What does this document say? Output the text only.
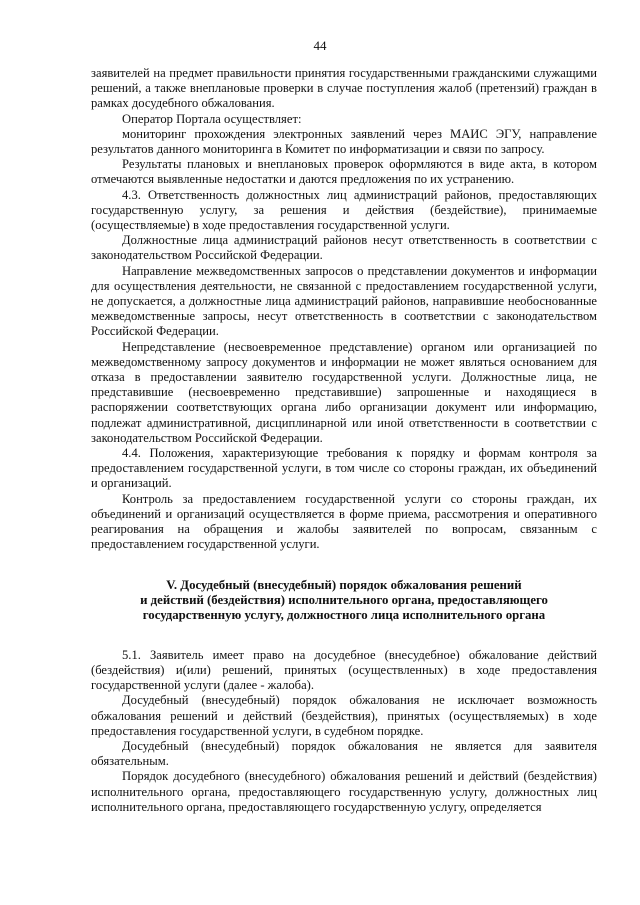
44

заявителей на предмет правильности принятия государственными гражданскими служащими решений, а также внеплановые проверки в случае поступления жалоб (претензий) граждан в рамках досудебного обжалования.

Оператор Портала осуществляет:

мониторинг прохождения электронных заявлений через МАИС ЭГУ, направление результатов данного мониторинга в Комитет по информатизации и связи по запросу.

Результаты плановых и внеплановых проверок оформляются в виде акта, в котором отмечаются выявленные недостатки и даются предложения по их устранению.

4.3. Ответственность должностных лиц администраций районов, предоставляющих государственную услугу, за решения и действия (бездействие), принимаемые (осуществляемые) в ходе предоставления государственной услуги.

Должностные лица администраций районов несут ответственность в соответствии с законодательством Российской Федерации.

Направление межведомственных запросов о представлении документов и информации для осуществления деятельности, не связанной с предоставлением государственной услуги, не допускается, а должностные лица администраций районов, направившие необоснованные межведомственные запросы, несут ответственность в соответствии с законодательством Российской Федерации.

Непредставление (несвоевременное представление) органом или организацией по межведомственному запросу документов и информации не может являться основанием для отказа в предоставлении заявителю государственной услуги. Должностные лица, не представившие (несвоевременно представившие) запрошенные и находящиеся в распоряжении соответствующих органа либо организации документ или информацию, подлежат административной, дисциплинарной или иной ответственности в соответствии с законодательством Российской Федерации.

4.4. Положения, характеризующие требования к порядку и формам контроля за предоставлением государственной услуги, в том числе со стороны граждан, их объединений и организаций.

Контроль за предоставлением государственной услуги со стороны граждан, их объединений и организаций осуществляется в форме приема, рассмотрения и оперативного реагирования на обращения и жалобы заявителей по вопросам, связанным с предоставлением государственной услуги.

V. Досудебный (внесудебный) порядок обжалования решений
и действий (бездействия) исполнительного органа, предоставляющего
государственную услугу, должностного лица исполнительного органа

5.1. Заявитель имеет право на досудебное (внесудебное) обжалование действий (бездействия) и(или) решений, принятых (осуществленных) в ходе предоставления государственной услуги (далее - жалоба).

Досудебный (внесудебный) порядок обжалования не исключает возможность обжалования решений и действий (бездействия), принятых (осуществляемых) в ходе предоставления государственной услуги, в судебном порядке.

Досудебный (внесудебный) порядок обжалования не является для заявителя обязательным.

Порядок досудебного (внесудебного) обжалования решений и действий (бездействия) исполнительного органа, предоставляющего государственную услугу, должностных лиц исполнительного органа, предоставляющего государственную услугу, определяется
